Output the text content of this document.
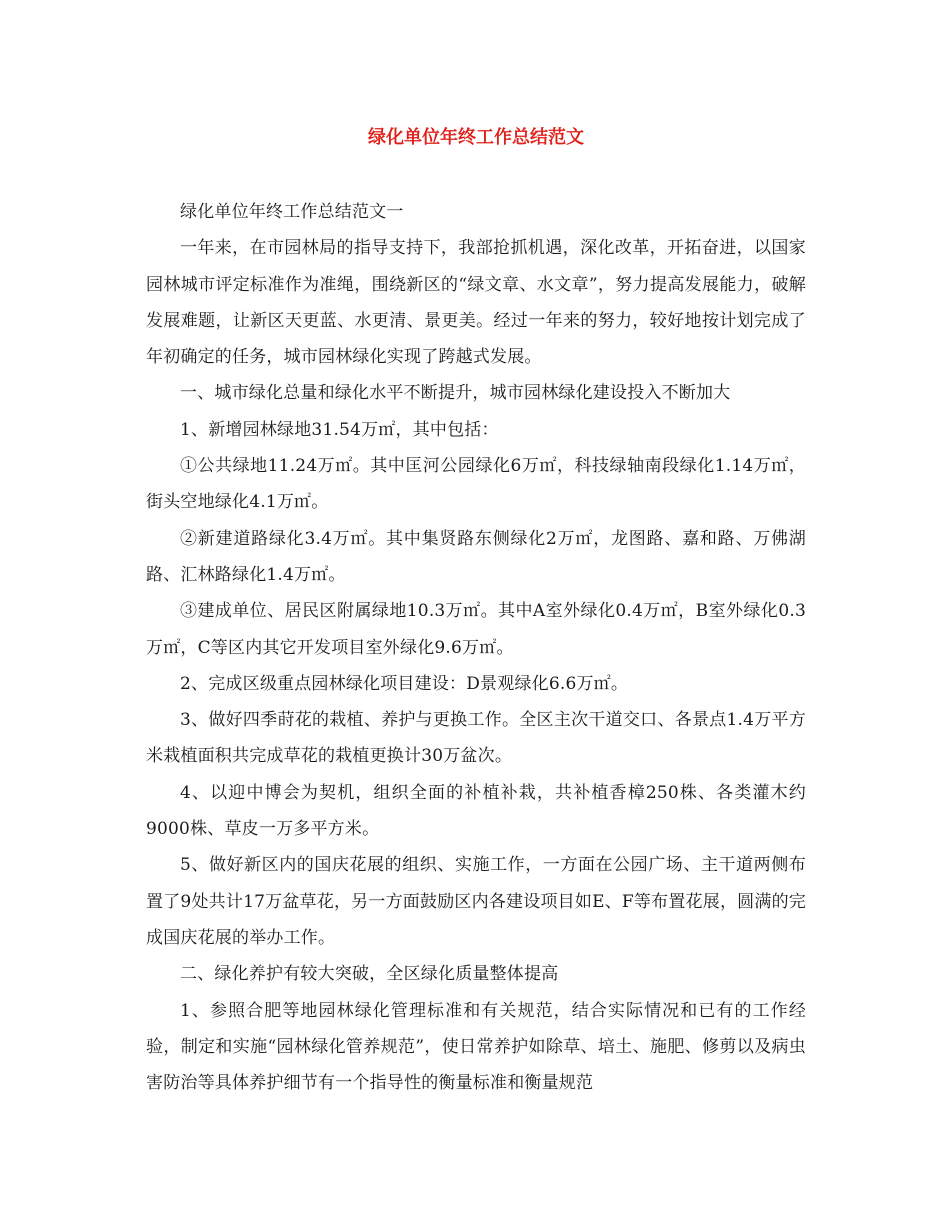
绿化单位年终工作总结范文

绿化单位年终工作总结范文一

一年来，在市园林局的指导支持下，我部抢抓机遇，深化改革，开拓奋进，以国家园林城市评定标准作为准绳，围绕新区的“绿文章、水文章”，努力提高发展能力，破解发展难题，让新区天更蓝、水更清、景更美。经过一年来的努力，较好地按计划完成了年初确定的任务，城市园林绿化实现了跨越式发展。

一、城市绿化总量和绿化水平不断提升，城市园林绿化建设投入不断加大

1、新增园林绿地31.54万㎡，其中包括：

①公共绿地11.24万㎡。其中匡河公园绿化6万㎡，科技绿轴南段绿化1.14万㎡，街头空地绿化4.1万㎡。

②新建道路绿化3.4万㎡。其中集贤路东侧绿化2万㎡，龙图路、嘉和路、万佛湖路、汇林路绿化1.4万㎡。

③建成单位、居民区附属绿地10.3万㎡。其中A室外绿化0.4万㎡，B室外绿化0.3万㎡，C等区内其它开发项目室外绿化9.6万㎡。

2、完成区级重点园林绿化项目建设：D景观绿化6.6万㎡。

3、做好四季莳花的栽植、养护与更换工作。全区主次干道交口、各景点1.4万平方米栽植面积共完成草花的栽植更换计30万盆次。

4、以迎中博会为契机，组织全面的补植补栽，共补植香樟250株、各类灌木约9000株、草皮一万多平方米。

5、做好新区内的国庆花展的组织、实施工作，一方面在公园广场、主干道两侧布置了9处共计17万盆草花，另一方面鼓励区内各建设项目如E、F等布置花展，圆满的完成国庆花展的举办工作。

二、绿化养护有较大突破，全区绿化质量整体提高

1、参照合肥等地园林绿化管理标准和有关规范，结合实际情况和已有的工作经验，制定和实施“园林绿化管养规范”，使日常养护如除草、培土、施肥、修剪以及病虫害防治等具体养护细节有一个指导性的衡量标准和衡量规范
